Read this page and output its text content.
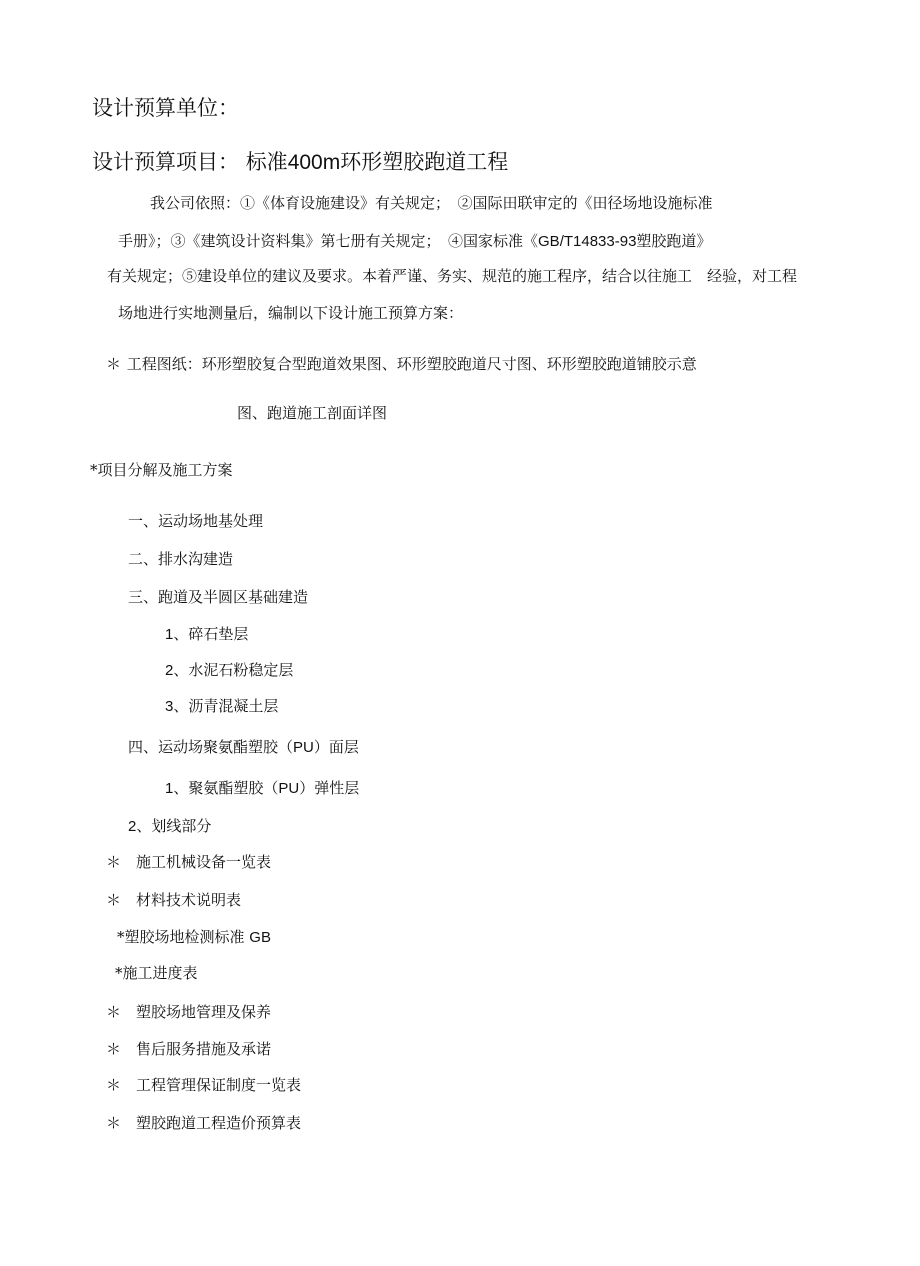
设计预算单位：
设计预算项目： 标准400m环形塑胶跑道工程
我公司依照：①《体育设施建设》有关规定；　②国际田联审定的《田径场地设施标准
手册》；③《建筑设计资料集》第七册有关规定；　④国家标准《GB/T14833-93塑胶跑道》
有关规定；⑤建设单位的建议及要求。本着严谨、务实、规范的施工程序，结合以往施工　经验，对工程
场地进行实地测量后，编制以下设计施工预算方案：
＊ 工程图纸：环形塑胶复合型跑道效果图、环形塑胶跑道尺寸图、环形塑胶跑道铺胶示意
图、跑道施工剖面详图
*项目分解及施工方案
一、运动场地基处理
二、排水沟建造
三、跑道及半圆区基础建造
1、碎石垫层
2、水泥石粉稳定层
3、沥青混凝土层
四、运动场聚氨酯塑胶（PU）面层
1、聚氨酯塑胶（PU）弹性层
2、划线部分
＊ 施工机械设备一览表
＊ 材料技术说明表
*塑胶场地检测标准 GB
*施工进度表
＊ 塑胶场地管理及保养
＊ 售后服务措施及承诺
＊ 工程管理保证制度一览表
＊ 塑胶跑道工程造价预算表
